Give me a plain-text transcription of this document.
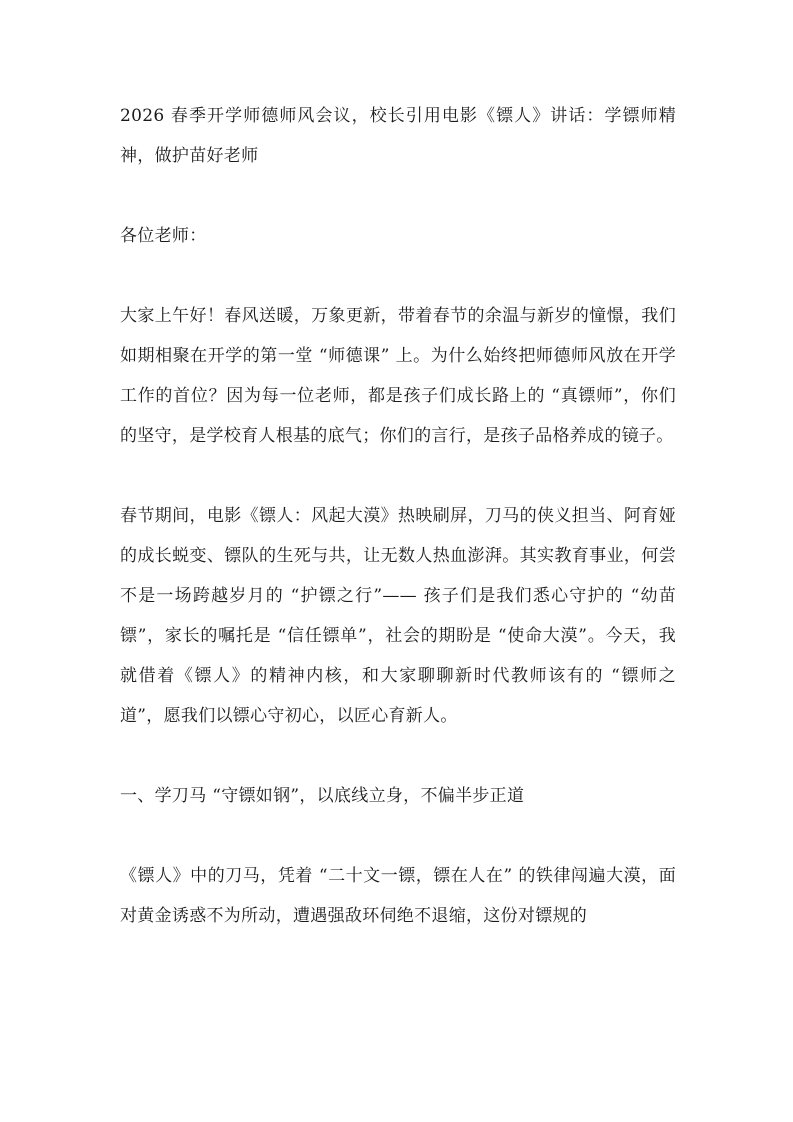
2026 春季开学师德师风会议，校长引用电影《镖人》讲话：学镖师精神，做护苗好老师

各位老师：

大家上午好！春风送暖，万象更新，带着春节的余温与新岁的憧憬，我们如期相聚在开学的第一堂 “师德课” 上。为什么始终把师德师风放在开学工作的首位？因为每一位老师，都是孩子们成长路上的 “真镖师”，你们的坚守，是学校育人根基的底气；你们的言行，是孩子品格养成的镜子。

春节期间，电影《镖人：风起大漠》热映刷屏，刀马的侠义担当、阿育娅的成长蜕变、镖队的生死与共，让无数人热血澎湃。其实教育事业，何尝不是一场跨越岁月的 “护镖之行”—— 孩子们是我们悉心守护的 “幼苗镖”，家长的嘱托是 “信任镖单”，社会的期盼是 “使命大漠”。今天，我就借着《镖人》的精神内核，和大家聊聊新时代教师该有的 “镖师之道”，愿我们以镖心守初心，以匠心育新人。

一、学刀马 “守镖如钢”，以底线立身，不偏半步正道

《镖人》中的刀马，凭着 “二十文一镖，镖在人在” 的铁律闯遍大漠，面对黄金诱惑不为所动，遭遇强敌环伺绝不退缩，这份对镖规的
